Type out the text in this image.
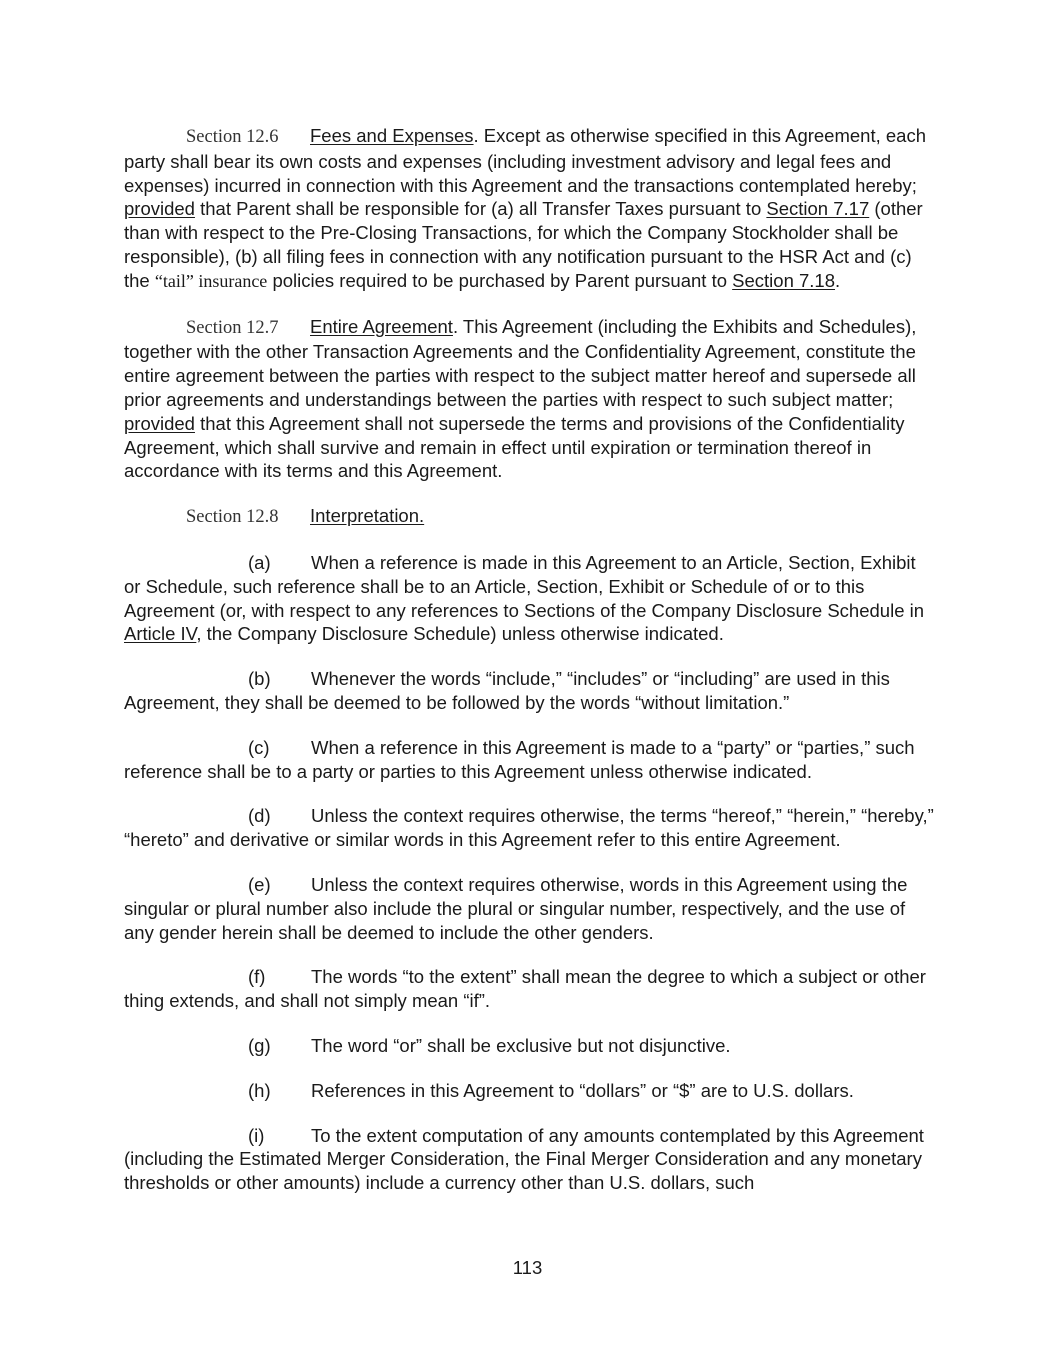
Section 12.6 Fees and Expenses. Except as otherwise specified in this Agreement, each party shall bear its own costs and expenses (including investment advisory and legal fees and expenses) incurred in connection with this Agreement and the transactions contemplated hereby; provided that Parent shall be responsible for (a) all Transfer Taxes pursuant to Section 7.17 (other than with respect to the Pre-Closing Transactions, for which the Company Stockholder shall be responsible), (b) all filing fees in connection with any notification pursuant to the HSR Act and (c) the “tail” insurance policies required to be purchased by Parent pursuant to Section 7.18.

Section 12.7 Entire Agreement. This Agreement (including the Exhibits and Schedules), together with the other Transaction Agreements and the Confidentiality Agreement, constitute the entire agreement between the parties with respect to the subject matter hereof and supersede all prior agreements and understandings between the parties with respect to such subject matter; provided that this Agreement shall not supersede the terms and provisions of the Confidentiality Agreement, which shall survive and remain in effect until expiration or termination thereof in accordance with its terms and this Agreement.

Section 12.8 Interpretation.

(a) When a reference is made in this Agreement to an Article, Section, Exhibit or Schedule, such reference shall be to an Article, Section, Exhibit or Schedule of or to this Agreement (or, with respect to any references to Sections of the Company Disclosure Schedule in Article IV, the Company Disclosure Schedule) unless otherwise indicated.

(b) Whenever the words “include,” “includes” or “including” are used in this Agreement, they shall be deemed to be followed by the words “without limitation.”

(c) When a reference in this Agreement is made to a “party” or “parties,” such reference shall be to a party or parties to this Agreement unless otherwise indicated.

(d) Unless the context requires otherwise, the terms “hereof,” “herein,” “hereby,” “hereto” and derivative or similar words in this Agreement refer to this entire Agreement.

(e) Unless the context requires otherwise, words in this Agreement using the singular or plural number also include the plural or singular number, respectively, and the use of any gender herein shall be deemed to include the other genders.

(f) The words “to the extent” shall mean the degree to which a subject or other thing extends, and shall not simply mean “if”.

(g) The word “or” shall be exclusive but not disjunctive.

(h) References in this Agreement to “dollars” or “$” are to U.S. dollars.

(i)	To the extent computation of any amounts contemplated by this Agreement (including the Estimated Merger Consideration, the Final Merger Consideration and any monetary thresholds or other amounts) include a currency other than U.S. dollars, such

113
